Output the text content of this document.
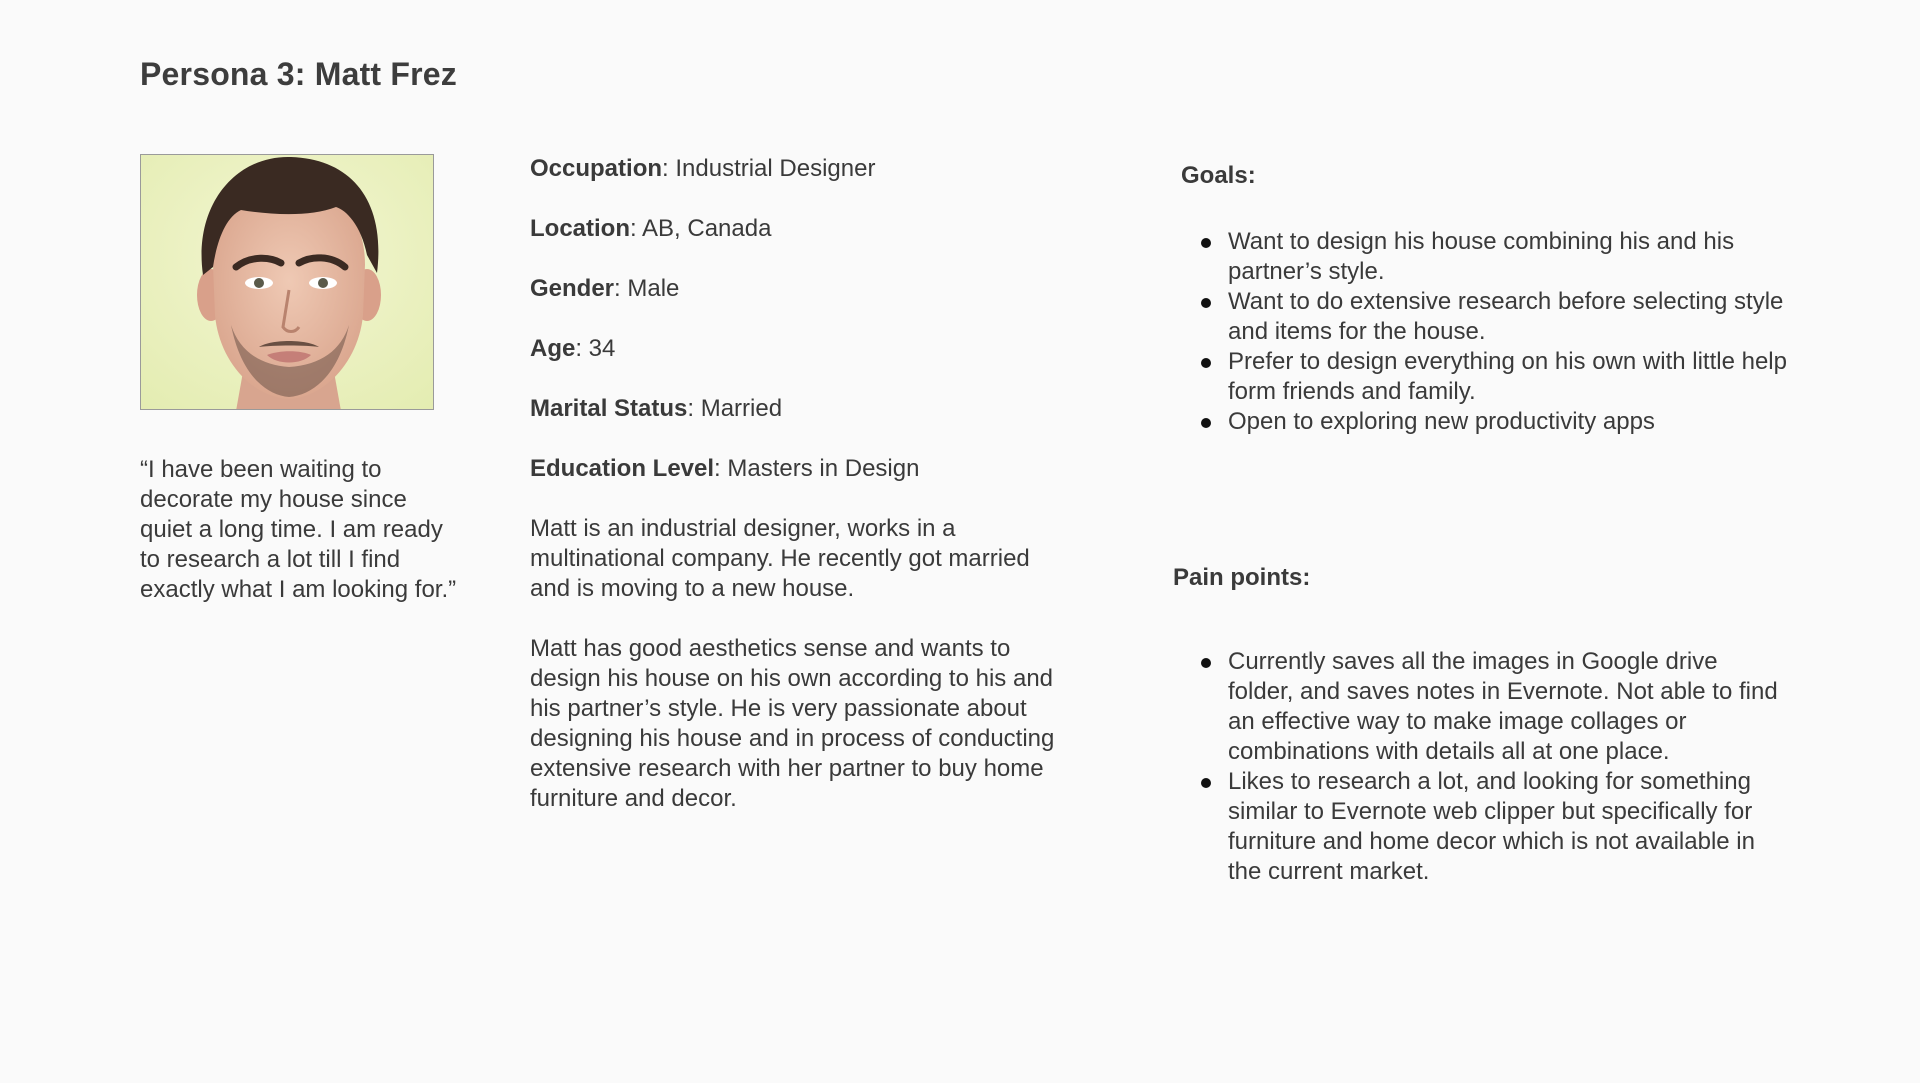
Persona 3: Matt Frez
“I have been waiting to decorate my house since quiet a long time. I am ready to research a lot till I find exactly what I am looking for.”
Occupation: Industrial Designer
Location: AB, Canada
Gender: Male
Age: 34
Marital Status: Married
Education Level: Masters in Design
Matt is an industrial designer, works in a multinational company. He recently got married and is moving to a new house.
Matt has good aesthetics sense and wants to design his house on his own according to his and his partner’s style. He is very passionate about designing his house and in process of conducting extensive research with her partner to buy home furniture and decor.
Goals:
Want to design his house combining his and his partner’s style.
Want to do extensive research before selecting style and items for the house.
Prefer to design everything on his own with little help form friends and family.
Open to exploring new productivity apps
Pain points:
Currently saves all the images in Google drive folder, and saves notes in Evernote. Not able to find an effective way to make image collages or combinations with details all at one place.
Likes to research a lot, and looking for something similar to Evernote web clipper but specifically for furniture and home decor which is not available in the current market.
